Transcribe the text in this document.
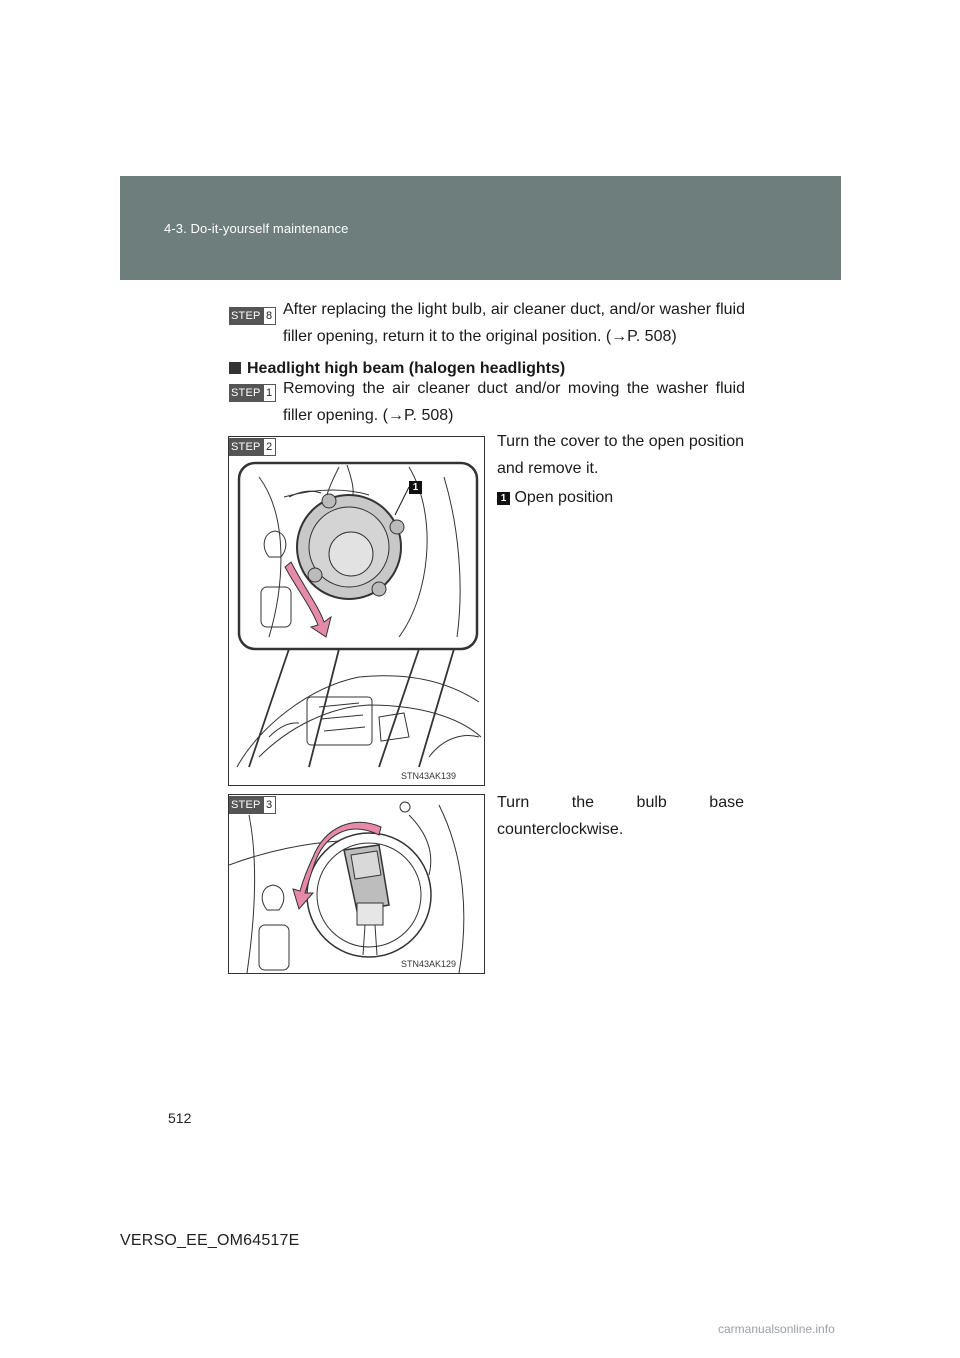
4-3. Do-it-yourself maintenance
STEP 8 After replacing the light bulb, air cleaner duct, and/or washer fluid filler opening, return it to the original position. (→P. 508)
Headlight high beam (halogen headlights)
STEP 1 Removing the air cleaner duct and/or moving the washer fluid filler opening. (→P. 508)
1
STEP 2
STN43AK139
Turn the cover to the open position and remove it.
1 Open position
STEP 3
STN43AK129
Turn the bulb base counterclockwise.
512
VERSO_EE_OM64517E
carmanualsonline.info
